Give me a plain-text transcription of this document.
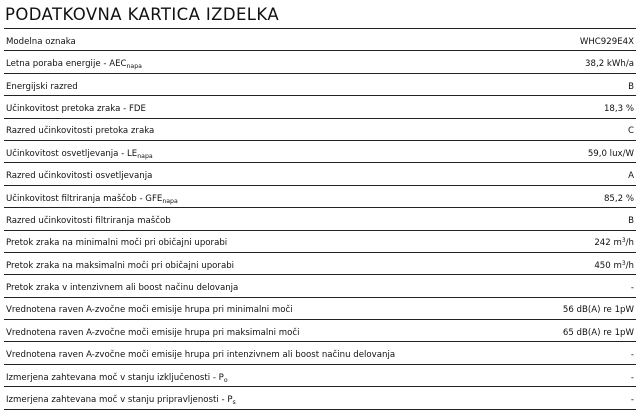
PODATKOVNA KARTICA IZDELKA
Modelna oznaka	WHC929E4X
Letna poraba energije - $AEC_{napa}$	38,2 kWh/a
Energijski razred	B
Učinkovitost pretoka zraka - FDE	18,3 %
Razred učinkovitosti pretoka zraka	C
Učinkovitost osvetljevanja - $LE_{napa}$	59,0 lux/W
Razred učinkovitosti osvetljevanja	A
Učinkovitost filtriranja maščob - $GFE_{napa}$	85,2 %
Razred učinkovitosti filtriranja maščob	B
Pretok zraka na minimalni moči pri običajni uporabi	242 $m^3/h$
Pretok zraka na maksimalni moči pri običajni uporabi	450 $m^3/h$
Pretok zraka v intenzivnem ali boost načinu delovanja	-
Vrednotena raven A-zvočne moči emisije hrupa pri minimalni moči	56 dB(A) re 1pW
Vrednotena raven A-zvočne moči emisije hrupa pri maksimalni moči	65 dB(A) re 1pW
Vrednotena raven A-zvočne moči emisije hrupa pri intenzivnem ali boost načinu delovanja	-
Izmerjena zahtevana moč v stanju izključenosti - $P_o$	-
Izmerjena zahtevana moč v stanju pripravljenosti - $P_s$	-
